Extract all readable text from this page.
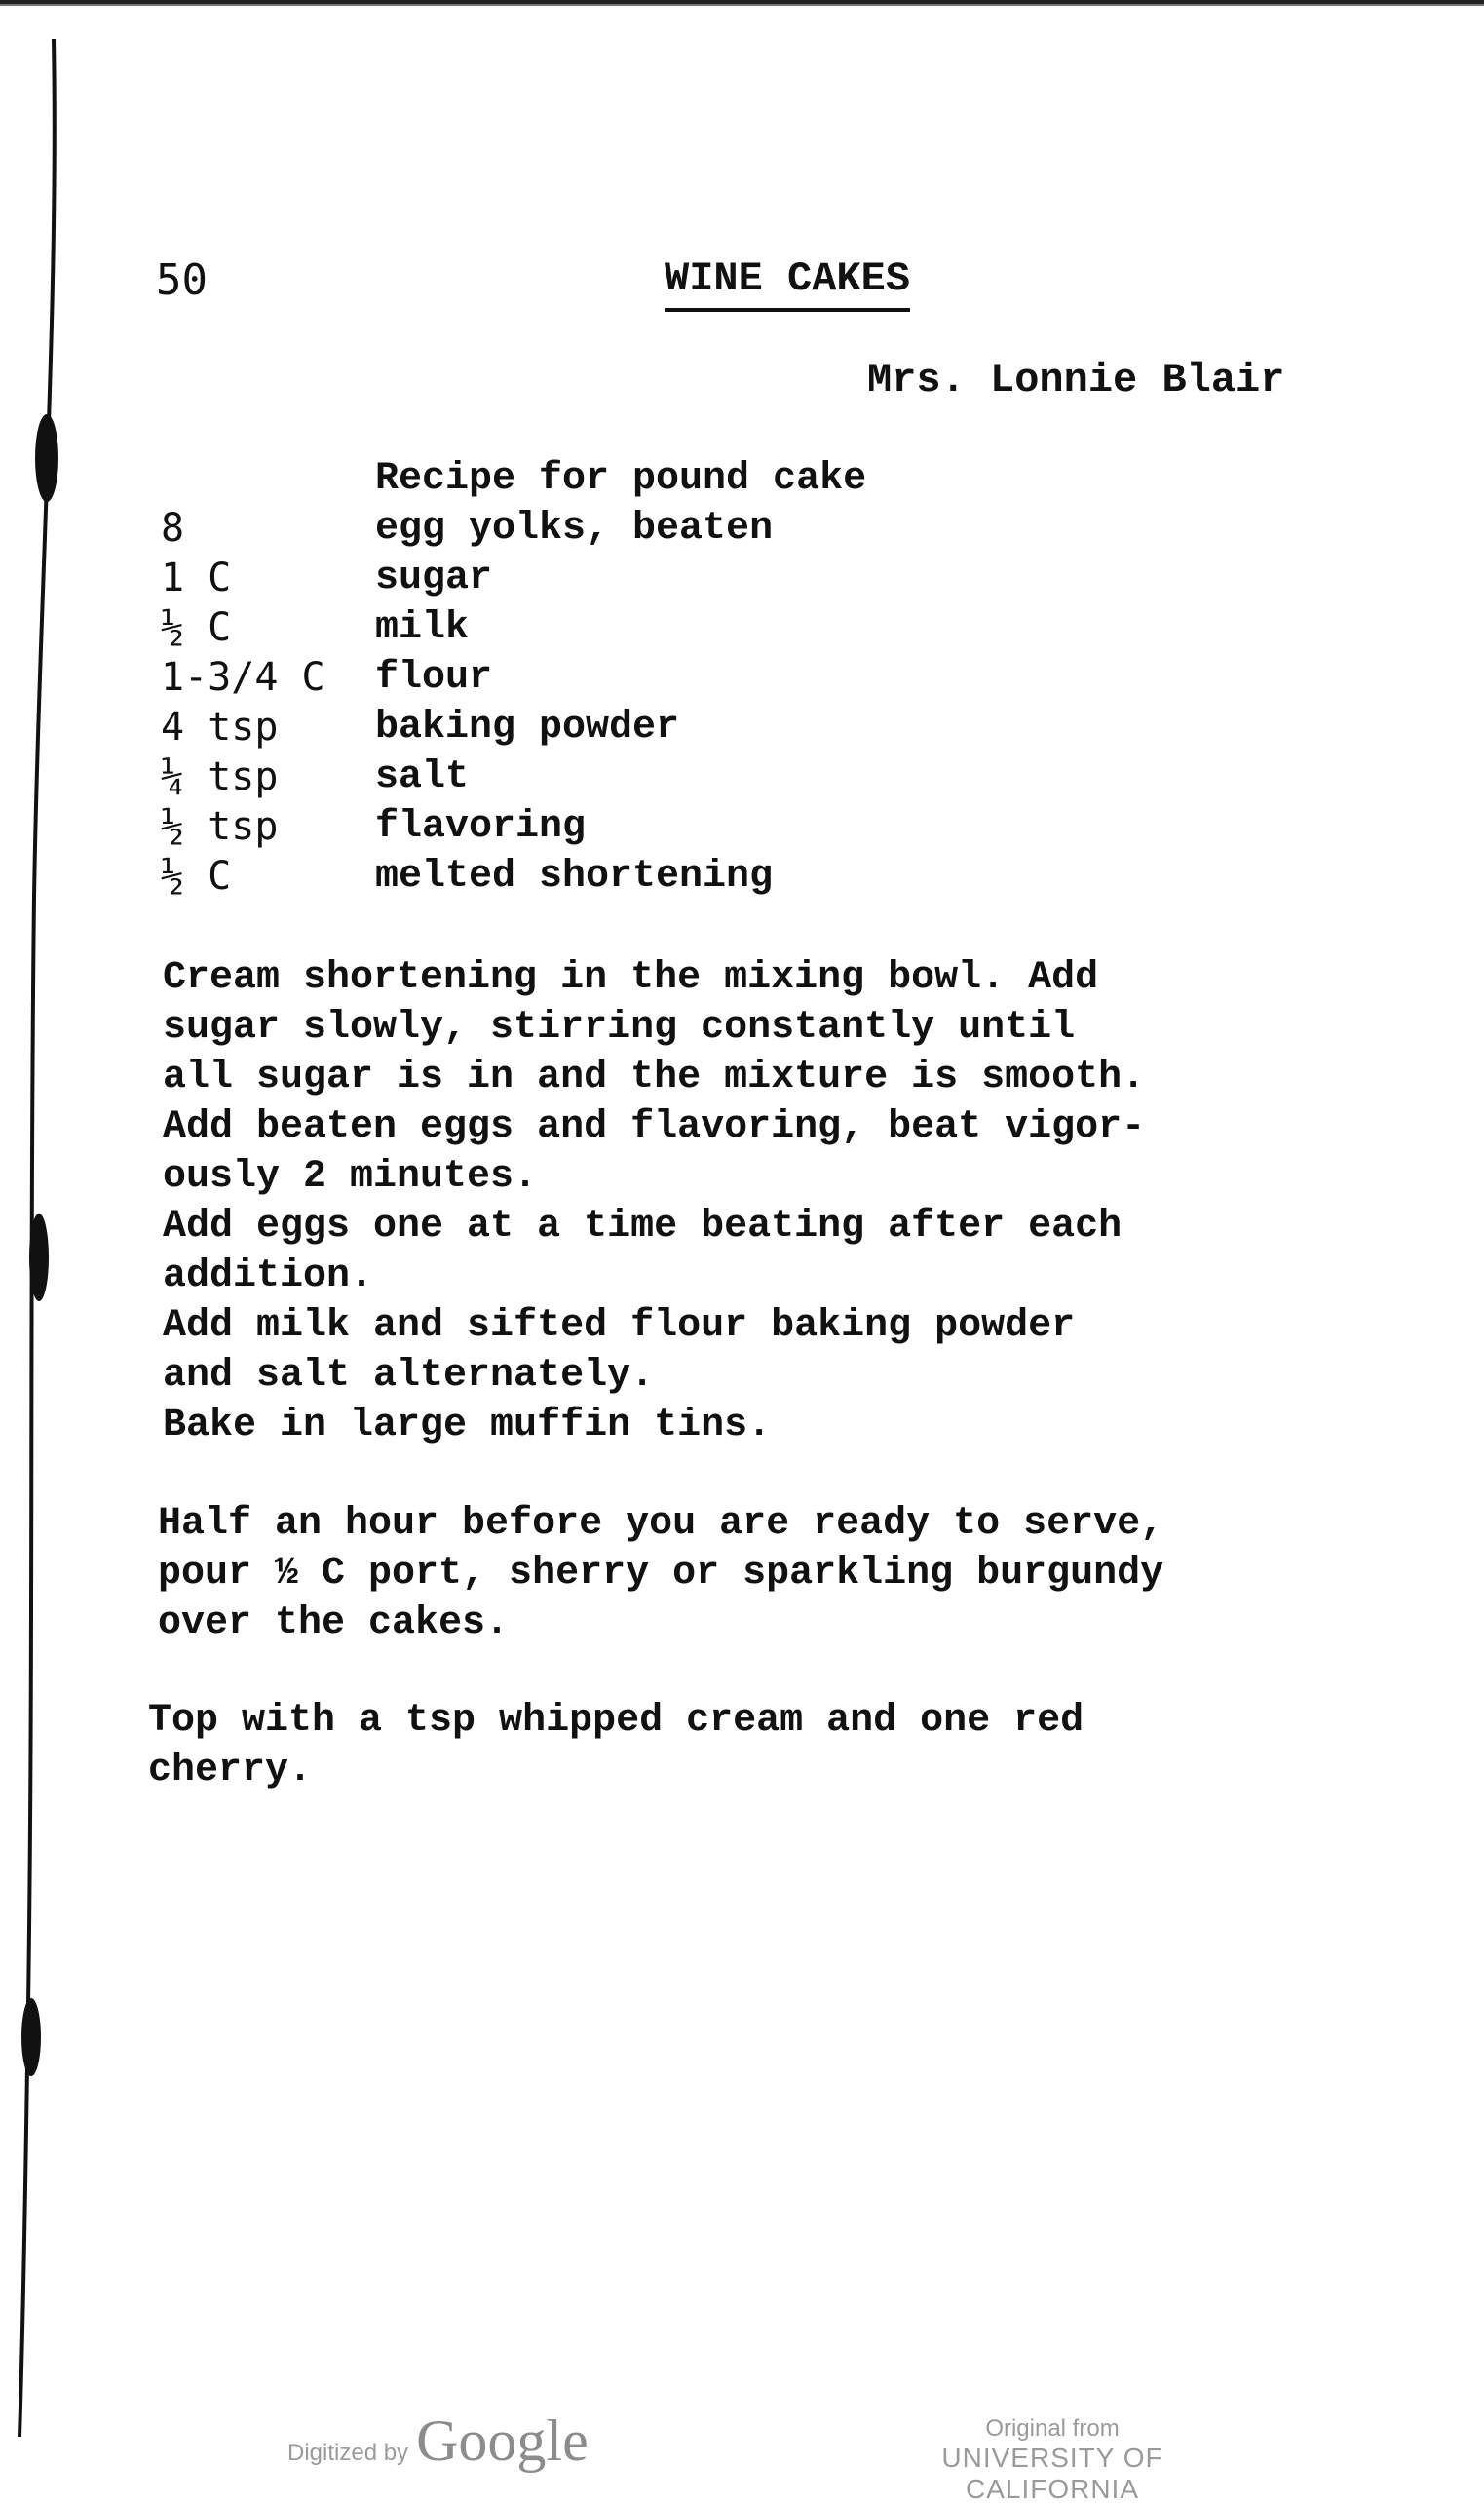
50	WINE CAKES
Mrs. Lonnie Blair
Recipe for pound cake
8	egg yolks, beaten
1 C	sugar
½ C	milk
1-3/4 C	flour
4 tsp	baking powder
¼ tsp	salt
½ tsp	flavoring
½ C	melted shortening
Cream shortening in the mixing bowl. Add
sugar slowly, stirring constantly until
all sugar is in and the mixture is smooth.
Add beaten eggs and flavoring, beat vigor-
ously 2 minutes.
Add eggs one at a time beating after each
addition.
Add milk and sifted flour baking powder
and salt alternately.
Bake in large muffin tins.
Half an hour before you are ready to serve,
pour ½ C port, sherry or sparkling burgundy
over the cakes.
Top with a tsp whipped cream and one red
cherry.
Digitized by Google	Original from
UNIVERSITY OF CALIFORNIA
